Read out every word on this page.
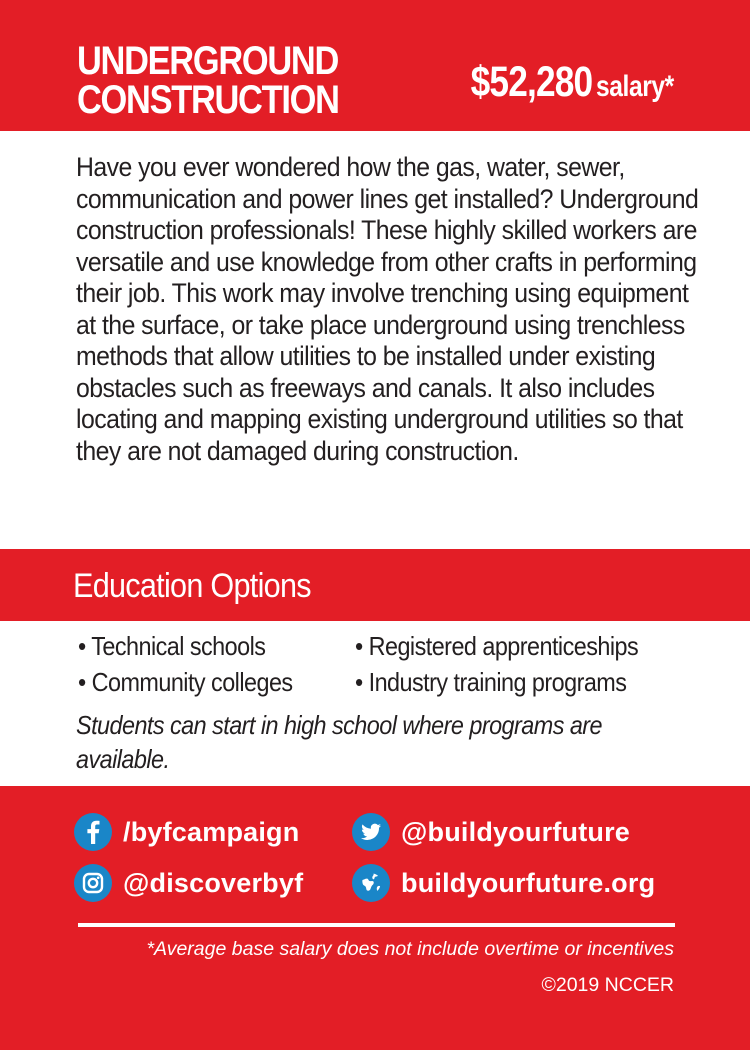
UNDERGROUND
CONSTRUCTION	$52,280 salary*

Have you ever wondered how the gas, water, sewer, communication and power lines get installed? Underground construction professionals! These highly skilled workers are versatile and use knowledge from other crafts in performing their job. This work may involve trenching using equipment at the surface, or take place underground using trenchless methods that allow utilities to be installed under existing obstacles such as freeways and canals. It also includes locating and mapping existing underground utilities so that they are not damaged during construction.

Education Options
• Technical schools
• Community colleges
• Registered apprenticeships
• Industry training programs
Students can start in high school where programs are available.
/byfcampaign	@buildyourfuture
@discoverbyf	buildyourfuture.org
*Average base salary does not include overtime or incentives
©2019 NCCER
